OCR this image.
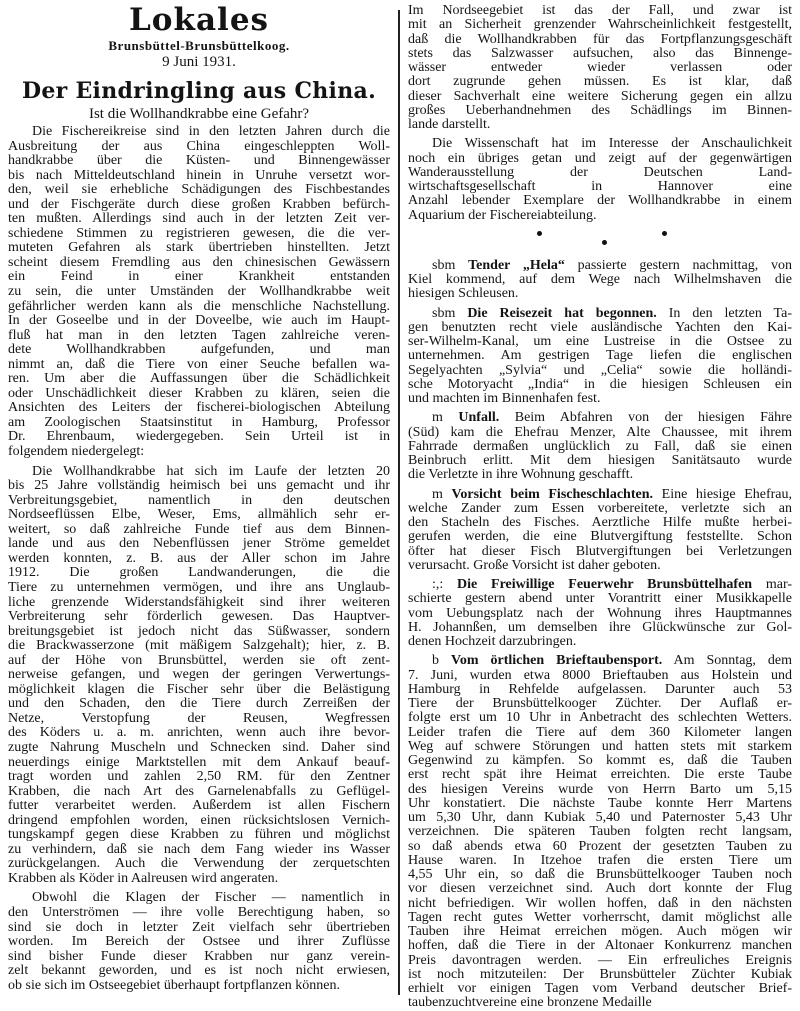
Lokales
Brunsbüttel-Brunsbüttelkoog.
9 Juni 1931.
Der Eindringling aus China.
Ist die Wollhandkrabbe eine Gefahr?
Die Fischereikreise sind in den letzten Jahren durch die
Ausbreitung der aus China eingeschleppten Woll-
handkrabbe über die Küsten- und Binnengewässer
bis nach Mitteldeutschland hinein in Unruhe versetzt wor-
den, weil sie erhebliche Schädigungen des Fischbestandes
und der Fischgeräte durch diese großen Krabben befürch-
ten mußten. Allerdings sind auch in der letzten Zeit ver-
schiedene Stimmen zu registrieren gewesen, die die ver-
muteten Gefahren als stark übertrieben hinstellten. Jetzt
scheint diesem Fremdling aus den chinesischen Gewässern
ein Feind in einer Krankheit entstanden
zu sein, die unter Umständen der Wollhandkrabbe weit
gefährlicher werden kann als die menschliche Nachstellung.
In der Goseelbe und in der Doveelbe, wie auch im Haupt-
fluß hat man in den letzten Tagen zahlreiche veren-
dete Wollhandkrabben aufgefunden, und man
nimmt an, daß die Tiere von einer Seuche befallen wa-
ren. Um aber die Auffassungen über die Schädlichkeit
oder Unschädlichkeit dieser Krabben zu klären, seien die
Ansichten des Leiters der fischerei-biologischen Abteilung
am Zoologischen Staatsinstitut in Hamburg, Professor
Dr. Ehrenbaum, wiedergegeben. Sein Urteil ist in
folgendem niedergelegt:
Die Wollhandkrabbe hat sich im Laufe der letzten 20
bis 25 Jahre vollständig heimisch bei uns gemacht und ihr
Verbreitungsgebiet, namentlich in den deutschen
Nordseeflüssen Elbe, Weser, Ems, allmählich sehr er-
weitert, so daß zahlreiche Funde tief aus dem Binnen-
lande und aus den Nebenflüssen jener Ströme gemeldet
werden konnten, z. B. aus der Aller schon im Jahre
1912. Die großen Landwanderungen, die die
Tiere zu unternehmen vermögen, und ihre ans Unglaub-
liche grenzende Widerstandsfähigkeit sind ihrer weiteren
Verbreiterung sehr förderlich gewesen. Das Hauptver-
breitungsgebiet ist jedoch nicht das Süßwasser, sondern
die Brackwasserzone (mit mäßigem Salzgehalt); hier, z. B.
auf der Höhe von Brunsbüttel, werden sie oft zent-
nerweise gefangen, und wegen der geringen Verwertungs-
möglichkeit klagen die Fischer sehr über die Belästigung
und den Schaden, den die Tiere durch Zerreißen der
Netze, Verstopfung der Reusen, Wegfressen
des Köders u. a. m. anrichten, wenn auch ihre bevor-
zugte Nahrung Muscheln und Schnecken sind. Daher sind
neuerdings einige Marktstellen mit dem Ankauf beauf-
tragt worden und zahlen 2,50 RM. für den Zentner
Krabben, die nach Art des Garnelenabfalls zu Geflügel-
futter verarbeitet werden. Außerdem ist allen Fischern
dringend empfohlen worden, einen rücksichtslosen Vernich-
tungskampf gegen diese Krabben zu führen und möglichst
zu verhindern, daß sie nach dem Fang wieder ins Wasser
zurückgelangen. Auch die Verwendung der zerquetschten
Krabben als Köder in Aalreusen wird angeraten.
Obwohl die Klagen der Fischer — namentlich in
den Unterströmen — ihre volle Berechtigung haben, so
sind sie doch in letzter Zeit vielfach sehr übertrieben
worden. Im Bereich der Ostsee und ihrer Zuflüsse
sind bisher Funde dieser Krabben nur ganz verein-
zelt bekannt geworden, und es ist noch nicht erwiesen,
ob sie sich im Ostseegebiet überhaupt fortpflanzen können.
Im Nordseegebiet ist das der Fall, und zwar ist
mit an Sicherheit grenzender Wahrscheinlichkeit festgestellt,
daß die Wollhandkrabben für das Fortpflanzungsgeschäft
stets das Salzwasser aufsuchen, also das Binnenge-
wässer entweder wieder verlassen oder
dort zugrunde gehen müssen. Es ist klar, daß
dieser Sachverhalt eine weitere Sicherung gegen ein allzu
großes Ueberhandnehmen des Schädlings im Binnen-
lande darstellt.
Die Wissenschaft hat im Interesse der Anschaulichkeit
noch ein übriges getan und zeigt auf der gegenwärtigen
Wanderausstellung der Deutschen Land-
wirtschaftsgesellschaft in Hannover eine
Anzahl lebender Exemplare der Wollhandkrabbe in einem
Aquarium der Fischereiabteilung.
sbm Tender „Hela“ passierte gestern nachmittag, von
Kiel kommend, auf dem Wege nach Wilhelmshaven die
hiesigen Schleusen.
sbm Die Reisezeit hat begonnen. In den letzten Ta-
gen benutzten recht viele ausländische Yachten den Kai-
ser-Wilhelm-Kanal, um eine Lustreise in die Ostsee zu
unternehmen. Am gestrigen Tage liefen die englischen
Segelyachten „Sylvia“ und „Celia“ sowie die holländi-
sche Motoryacht „India“ in die hiesigen Schleusen ein
und machten im Binnenhafen fest.
m Unfall. Beim Abfahren von der hiesigen Fähre
(Süd) kam die Ehefrau Menzer, Alte Chaussee, mit ihrem
Fahrrade dermaßen unglücklich zu Fall, daß sie einen
Beinbruch erlitt. Mit dem hiesigen Sanitätsauto wurde
die Verletzte in ihre Wohnung geschafft.
m Vorsicht beim Fischeschlachten. Eine hiesige Ehefrau,
welche Zander zum Essen vorbereitete, verletzte sich an
den Stacheln des Fisches. Aerztliche Hilfe mußte herbei-
gerufen werden, die eine Blutvergiftung feststellte. Schon
öfter hat dieser Fisch Blutvergiftungen bei Verletzungen
verursacht. Große Vorsicht ist daher geboten.
:,: Die Freiwillige Feuerwehr Brunsbüttelhafen mar-
schierte gestern abend unter Vorantritt einer Musikkapelle
vom Uebungsplatz nach der Wohnung ihres Hauptmannes
H. Johannßen, um demselben ihre Glückwünsche zur Gol-
denen Hochzeit darzubringen.
b Vom örtlichen Brieftaubensport. Am Sonntag, dem
7. Juni, wurden etwa 8000 Brieftauben aus Holstein und
Hamburg in Rehfelde aufgelassen. Darunter auch 53
Tiere der Brunsbüttelkooger Züchter. Der Auflaß er-
folgte erst um 10 Uhr in Anbetracht des schlechten Wetters.
Leider trafen die Tiere auf dem 360 Kilometer langen
Weg auf schwere Störungen und hatten stets mit starkem
Gegenwind zu kämpfen. So kommt es, daß die Tauben
erst recht spät ihre Heimat erreichten. Die erste Taube
des hiesigen Vereins wurde von Herrn Barto um 5,15
Uhr konstatiert. Die nächste Taube konnte Herr Martens
um 5,30 Uhr, dann Kubiak 5,40 und Paternoster 5,43 Uhr
verzeichnen. Die späteren Tauben folgten recht langsam,
so daß abends etwa 60 Prozent der gesetzten Tauben zu
Hause waren. In Itzehoe trafen die ersten Tiere um
4,55 Uhr ein, so daß die Brunsbüttelkooger Tauben noch
vor diesen verzeichnet sind. Auch dort konnte der Flug
nicht befriedigen. Wir wollen hoffen, daß in den nächsten
Tagen recht gutes Wetter vorherrscht, damit möglichst alle
Tauben ihre Heimat erreichen mögen. Auch mögen wir
hoffen, daß die Tiere in der Altonaer Konkurrenz manchen
Preis davontragen werden. — Ein erfreuliches Ereignis
ist noch mitzuteilen: Der Brunsbütteler Züchter Kubiak
erhielt vor einigen Tagen vom Verband deutscher Brief-
taubenzuchtvereine eine bronzene Medaille
